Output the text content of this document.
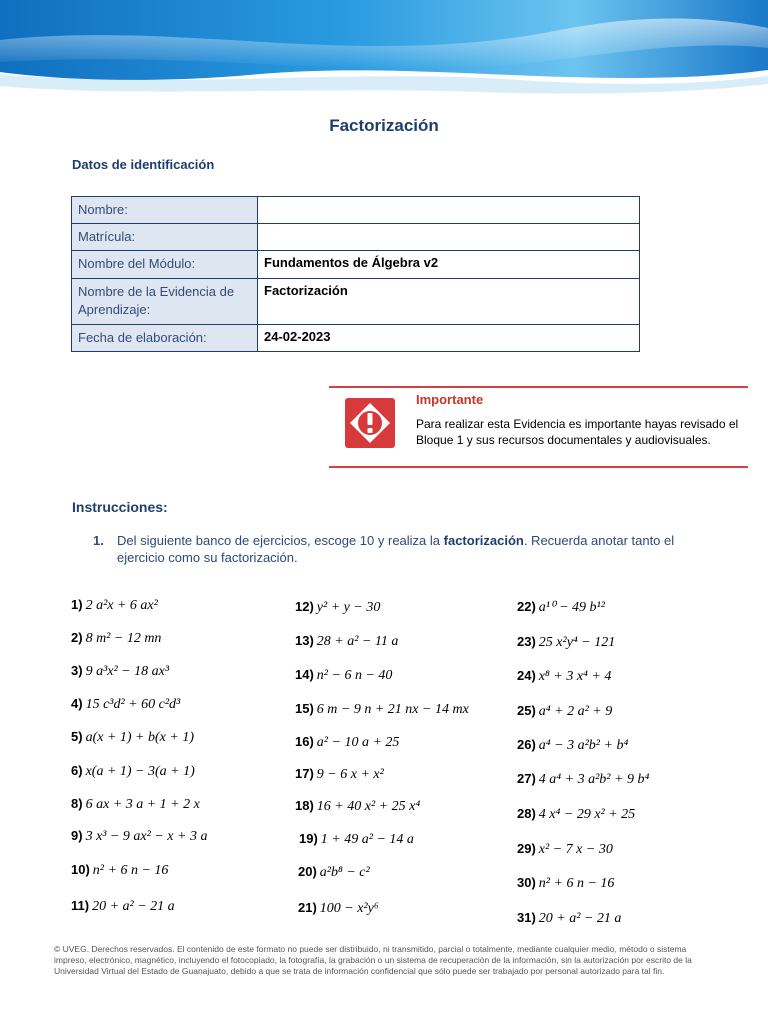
Factorización
Datos de identificación
Nombre:	
Matrícula:	
Nombre del Módulo:	Fundamentos de Álgebra v2
Nombre de la Evidencia de Aprendizaje:	Factorización
Fecha de elaboración:	24-02-2023
Importante
Para realizar esta Evidencia es importante hayas revisado el Bloque 1 y sus recursos documentales y audiovisuales.
Instrucciones:
1. Del siguiente banco de ejercicios, escoge 10 y realiza la factorización. Recuerda anotar tanto el ejercicio como su factorización.
1) 2 a²x + 6 ax²
2) 8 m² − 12 mn
3) 9 a³x² − 18 ax³
4) 15 c³d² + 60 c²d³
5) a(x + 1) + b(x + 1)
6) x(a + 1) − 3(a + 1)
8) 6 ax + 3 a + 1 + 2 x
9) 3 x³ − 9 ax² − x + 3 a
10) n² + 6 n − 16
11) 20 + a² − 21 a
12) y² + y − 30
13) 28 + a² − 11 a
14) n² − 6 n − 40
15) 6 m − 9 n + 21 nx − 14 mx
16) a² − 10 a + 25
17) 9 − 6 x + x²
18) 16 + 40 x² + 25 x⁴
19) 1 + 49 a² − 14 a
20) a²b⁸ − c²
21) 100 − x²y⁶
22) a¹⁰ − 49 b¹²
23) 25 x²y⁴ − 121
24) x⁸ + 3 x⁴ + 4
25) a⁴ + 2 a² + 9
26) a⁴ − 3 a²b² + b⁴
27) 4 a⁴ + 3 a²b² + 9 b⁴
28) 4 x⁴ − 29 x² + 25
29) x² − 7 x − 30
30) n² + 6 n − 16
31) 20 + a² − 21 a
© UVEG. Derechos reservados. El contenido de este formato no puede ser distribuido, ni transmitido, parcial o totalmente, mediante cualquier medio, método o sistema impreso, electrónico, magnético, incluyendo el fotocopiado, la fotografía, la grabación o un sistema de recuperación de la información, sin la autorización por escrito de la Universidad Virtual del Estado de Guanajuato, debido a que se trata de información confidencial que sólo puede ser trabajado por personal autorizado para tal fin.
